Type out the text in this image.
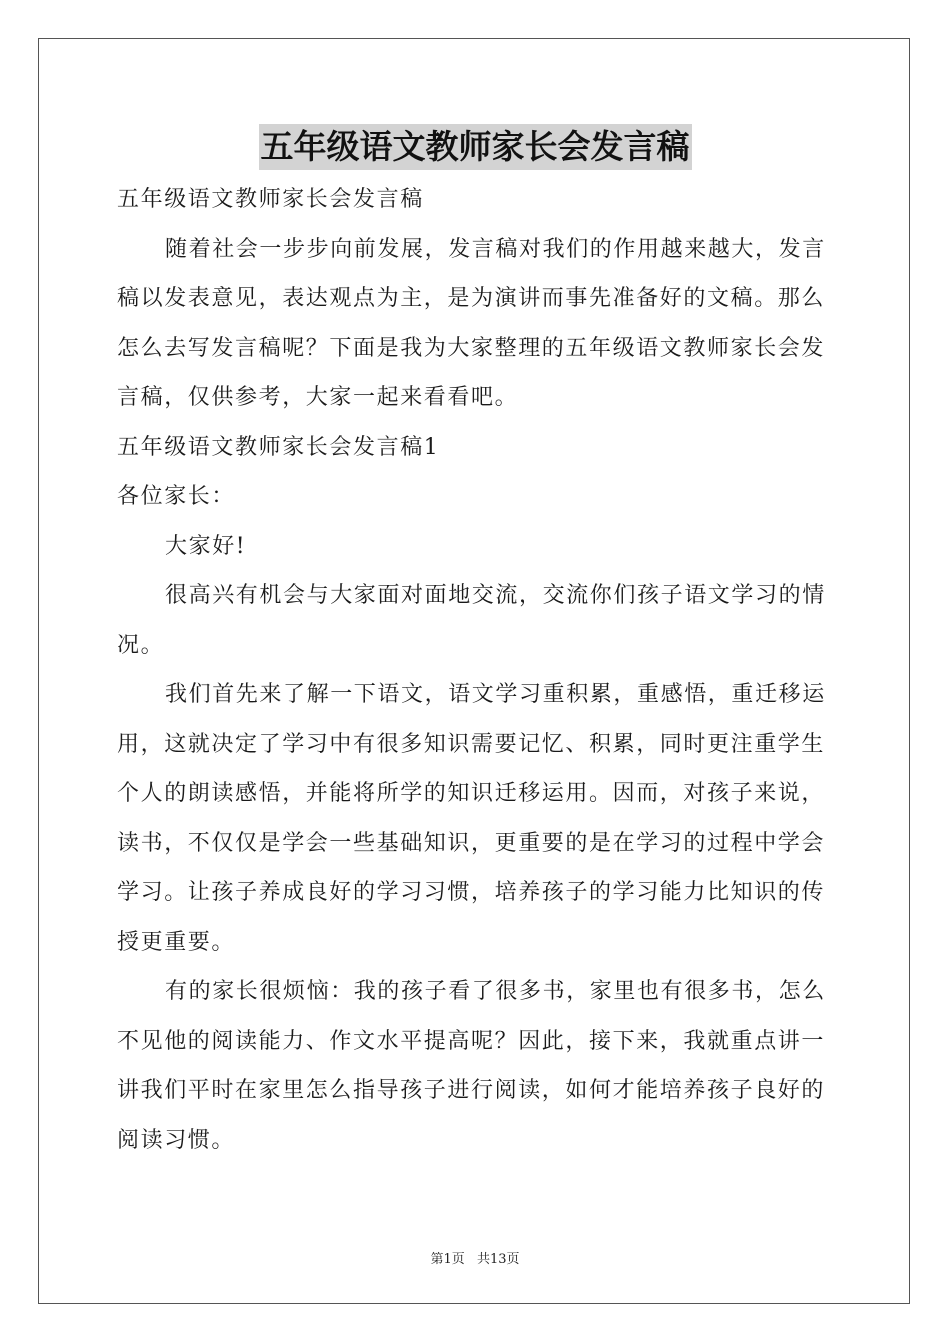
五年级语文教师家长会发言稿

五年级语文教师家长会发言稿

随着社会一步步向前发展，发言稿对我们的作用越来越大，发言

稿以发表意见，表达观点为主，是为演讲而事先准备好的文稿。那么

怎么去写发言稿呢？下面是我为大家整理的五年级语文教师家长会发

言稿，仅供参考，大家一起来看看吧。

五年级语文教师家长会发言稿1

各位家长：

大家好!

很高兴有机会与大家面对面地交流，交流你们孩子语文学习的情

况。

我们首先来了解一下语文，语文学习重积累，重感悟，重迁移运

用，这就决定了学习中有很多知识需要记忆、积累，同时更注重学生

个人的朗读感悟，并能将所学的知识迁移运用。因而，对孩子来说，

读书，不仅仅是学会一些基础知识，更重要的是在学习的过程中学会

学习。让孩子养成良好的学习习惯，培养孩子的学习能力比知识的传

授更重要。

有的家长很烦恼：我的孩子看了很多书，家里也有很多书，怎么

不见他的阅读能力、作文水平提高呢？因此，接下来，我就重点讲一

讲我们平时在家里怎么指导孩子进行阅读，如何才能培养孩子良好的

阅读习惯。

第1页 共13页
